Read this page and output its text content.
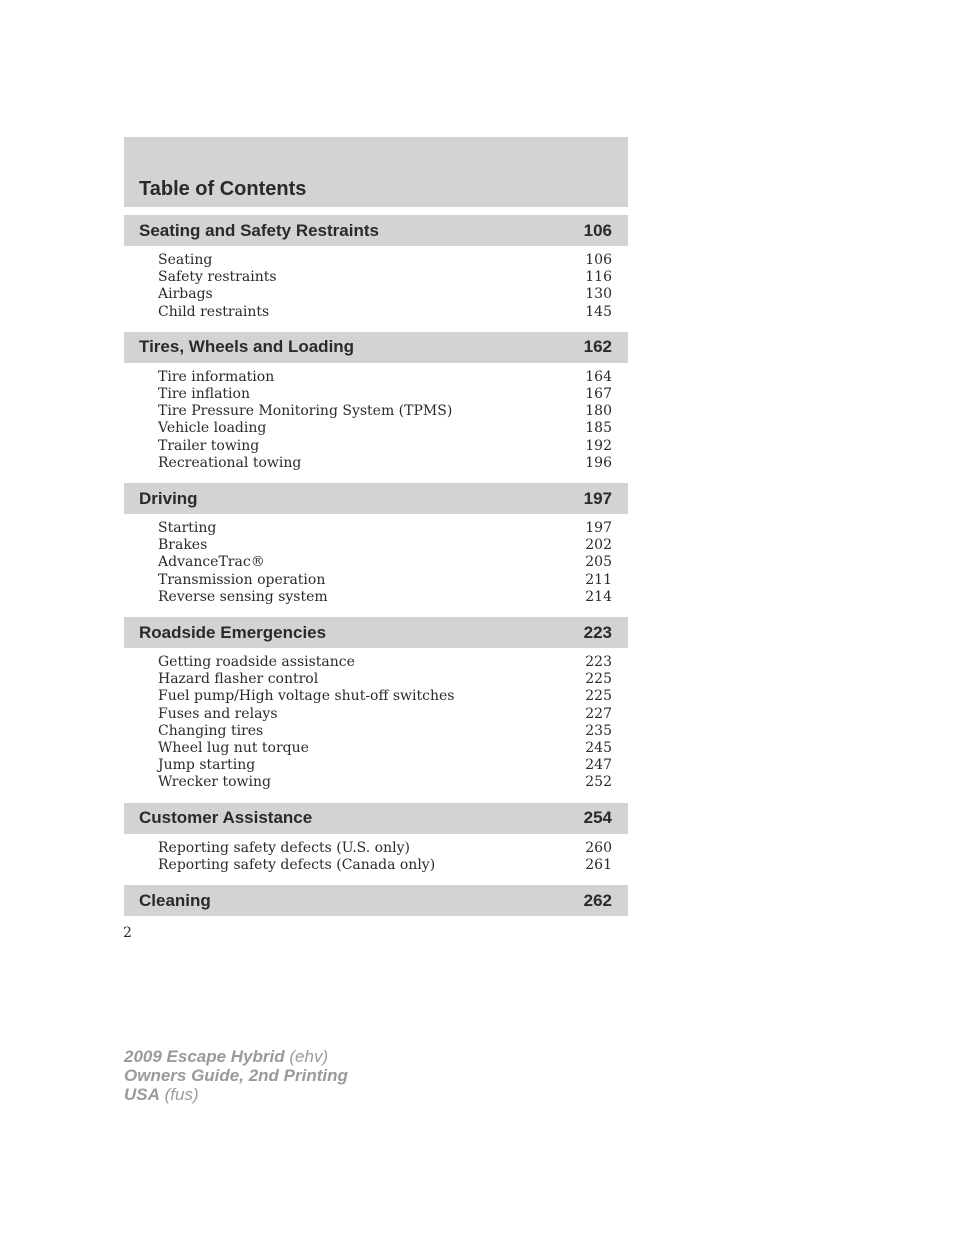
Table of Contents
Seating and Safety Restraints	106
Seating	106
Safety restraints	116
Airbags	130
Child restraints	145
Tires, Wheels and Loading	162
Tire information	164
Tire inflation	167
Tire Pressure Monitoring System (TPMS)	180
Vehicle loading	185
Trailer towing	192
Recreational towing	196
Driving	197
Starting	197
Brakes	202
AdvanceTrac®	205
Transmission operation	211
Reverse sensing system	214
Roadside Emergencies	223
Getting roadside assistance	223
Hazard flasher control	225
Fuel pump/High voltage shut-off switches	225
Fuses and relays	227
Changing tires	235
Wheel lug nut torque	245
Jump starting	247
Wrecker towing	252
Customer Assistance	254
Reporting safety defects (U.S. only)	260
Reporting safety defects (Canada only)	261
Cleaning	262
2
2009 Escape Hybrid (ehv)
Owners Guide, 2nd Printing
USA (fus)
